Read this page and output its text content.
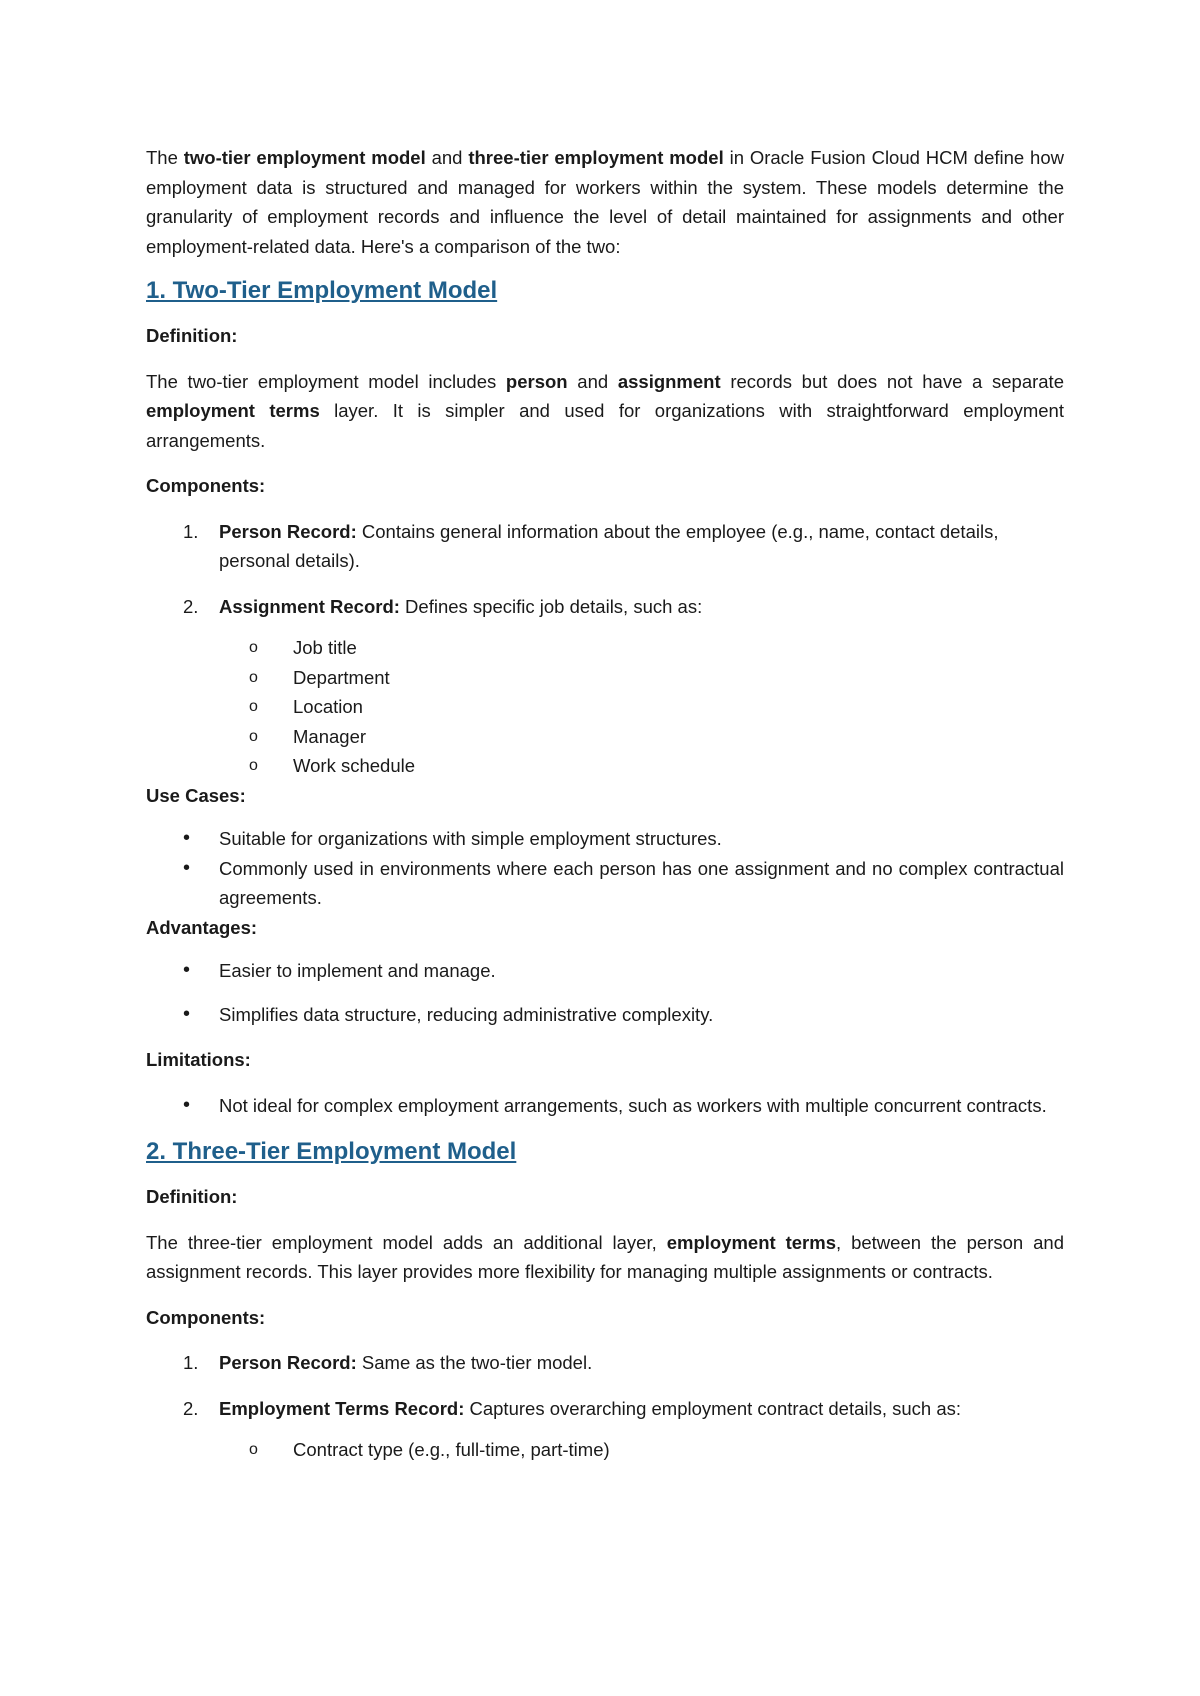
The two-tier employment model and three-tier employment model in Oracle Fusion Cloud HCM define how employment data is structured and managed for workers within the system. These models determine the granularity of employment records and influence the level of detail maintained for assignments and other employment-related data. Here's a comparison of the two:

1. Two-Tier Employment Model

Definition:

The two-tier employment model includes person and assignment records but does not have a separate employment terms layer. It is simpler and used for organizations with straightforward employment arrangements.

Components:

1. Person Record: Contains general information about the employee (e.g., name, contact details, personal details).
2. Assignment Record: Defines specific job details, such as:
o Job title
o Department
o Location
o Manager
o Work schedule

Use Cases:

• Suitable for organizations with simple employment structures.
• Commonly used in environments where each person has one assignment and no complex contractual agreements.

Advantages:

• Easier to implement and manage.
• Simplifies data structure, reducing administrative complexity.

Limitations:

• Not ideal for complex employment arrangements, such as workers with multiple concurrent contracts.
2. Three-Tier Employment Model

Definition:

The three-tier employment model adds an additional layer, employment terms, between the person and assignment records. This layer provides more flexibility for managing multiple assignments or contracts.

Components:

1. Person Record: Same as the two-tier model.
2. Employment Terms Record: Captures overarching employment contract details, such as:
o Contract type (e.g., full-time, part-time)
